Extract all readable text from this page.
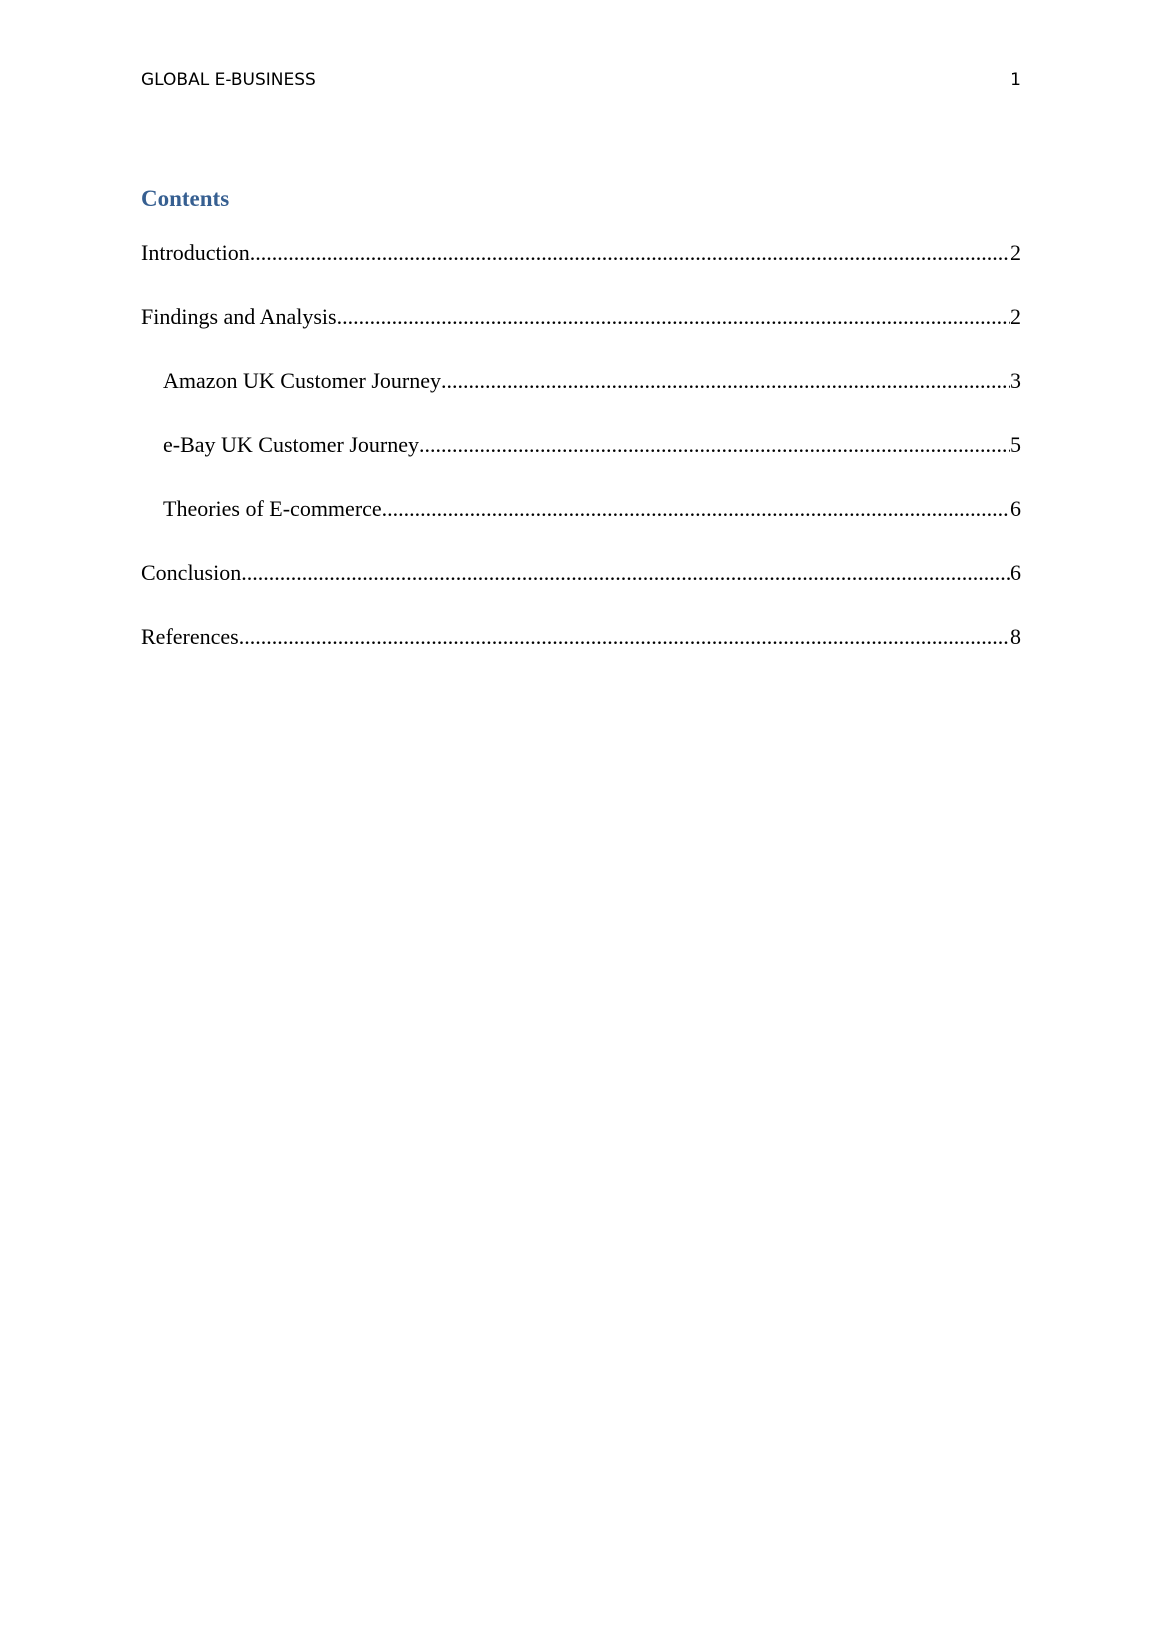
GLOBAL E-BUSINESS	1
Contents
Introduction .....	2
Findings and Analysis .....	2
Amazon UK Customer Journey .....	3
e-Bay UK Customer Journey .....	5
Theories of E-commerce .....	6
Conclusion .....	6
References .....	8
